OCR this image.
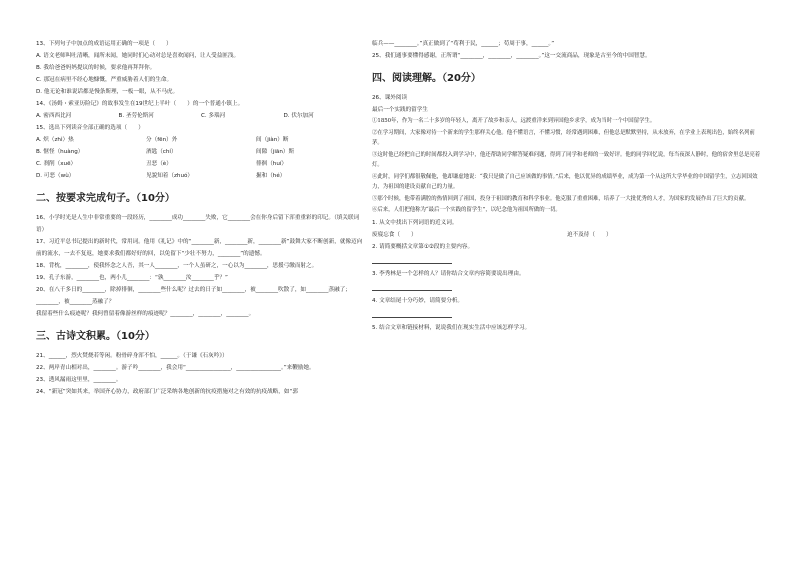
13、下列句子中加点的成语运用正确的一项是（　　）
A. 语文老师叫吐清晰，闻所未闻，她同时们心动对总是喜欢闻问，让人受益匪浅。
B. 我给爸爸妈妈提议的时候，要求他再拜拜你。
C. 那冠在病里不经心地慷慨，严重威胁着人们的生命。
D. 他无论和谁说话都是慢条斯理，一板一眼，从不马虎。
14、《汤姆・索亚历险记》的故事发生在19世纪上半叶（　　）的一个普通小镇上。
A. 密西西比河	B. 圣劳伦斯河	C. 多瑙河	D. 伏尔加河
15、选出下列读音全部正确的选项（　　）
A. 炽（zhì）热	分（fēn）外	间（jiàn）断
B. 惬怪（huàng）	酒匙（chí）	间隙（jiān）斯
C. 刹削（xuē）	丑恶（è）	徘徊（huí）
D. 可恶（wù）	见貌知着（zhuó）	掘和（hé）
二、按要求完成句子。（10分）
16、小学时光是人生中非常重要的一段经历，________成功________失败，它________会在你身后留下浑重重彩的印记。（填关联词语）
17、习近平总书记提出的新时代，常用词。他用《礼记》中的“________新，________新，________新”鼓舞大家不断创新，就像迈向前的流水，一去不复返，她要求我们都好好的回，以免留下“少壮不努力，________”的遗憾。
18、背枕，________，使我怀念之人吾，其一人________，一个人虽研之，一心以为________，思援弓缴而射之。
19、孔子东游，________也，两小儿________：“孰________汝________乎？”
20、在八千多日的________，除掉徘徊，________些什么呢？过去的日子如________，被________吹散了，如________蒸融了；________，被________蒸融了？
我留着些什么痕迹呢？我何曾留着像游丝样的痕迹呢？________，________，________。
三、古诗文积累。（10分）
21、______，烈火焚烧若等闲。粉骨碎身浑不怕，______。（于谦《石灰吟》）
22、两岸青山相对出，________。游子吟________，我会用“________________，________________。”来鞭励她。
23、透风漏雨这里里，________。
24、“新冠”突如其来，举国齐心协力，政府部门广泛采纳各地创新的抗疫措施对之有效的抗疫战略，如“郭
临兵——________。”真正做到了“苟利于民，______；苟周于事，______。”
25、我们通事要懂得感谢，正所谓“________，________，________。”这一交流商品，现象是古至今的中国智慧。
四、阅读理解。（20分）
26、课外阅读
最后一个实践的留学生
①1850年，作为一名二十多岁的年轻人，离开了故乡和亲人，远渡重洋来到异国他乡求学，成为当时一个中国留学生。
②在学习期间，大家像对待一个新来的学生那样关心他。他不懂语言，不懂习惯，经常遇到困难，但他总是默默坚持，从未放弃，在学业上表现出色，始终名列前茅。
③这时他已经把自己的时间都投入到学习中，他还帮助同学解答疑难问题，得到了同学和老师的一致好评。他的同学回忆说，每当夜深人静时，他的宿舍里总是亮着灯。
④此时，同学们都很敬佩他，他却谦虚地说：“我只是做了自己应该做的事情。”后来，他以优异的成绩毕业，成为第一个从这所大学毕业的中国留学生，立志回国效力，为祖国的建设贡献自己的力量。
⑤那个时候，他带着满腔的热情回到了祖国，投身于祖国的教育和科学事业。他克服了重重困难，培养了一大批优秀的人才，为国家的发展作出了巨大的贡献。
⑥后来，人们把他称为“最后一个实践的留学生”，以纪念他为祖国所做的一切。
1. 从文中找出下列词语的近义词。
废寝忘食（　　）	迫不及待（　　）
2. 请简要概括文章第①②段的主要内容。
3. 李秀林是一个怎样的人？请你结合文章内容简要说出理由。
4. 文章结尾十分巧妙，请简要分析。
5. 结合文章和链接材料，说说我们在现实生活中应该怎样学习。
